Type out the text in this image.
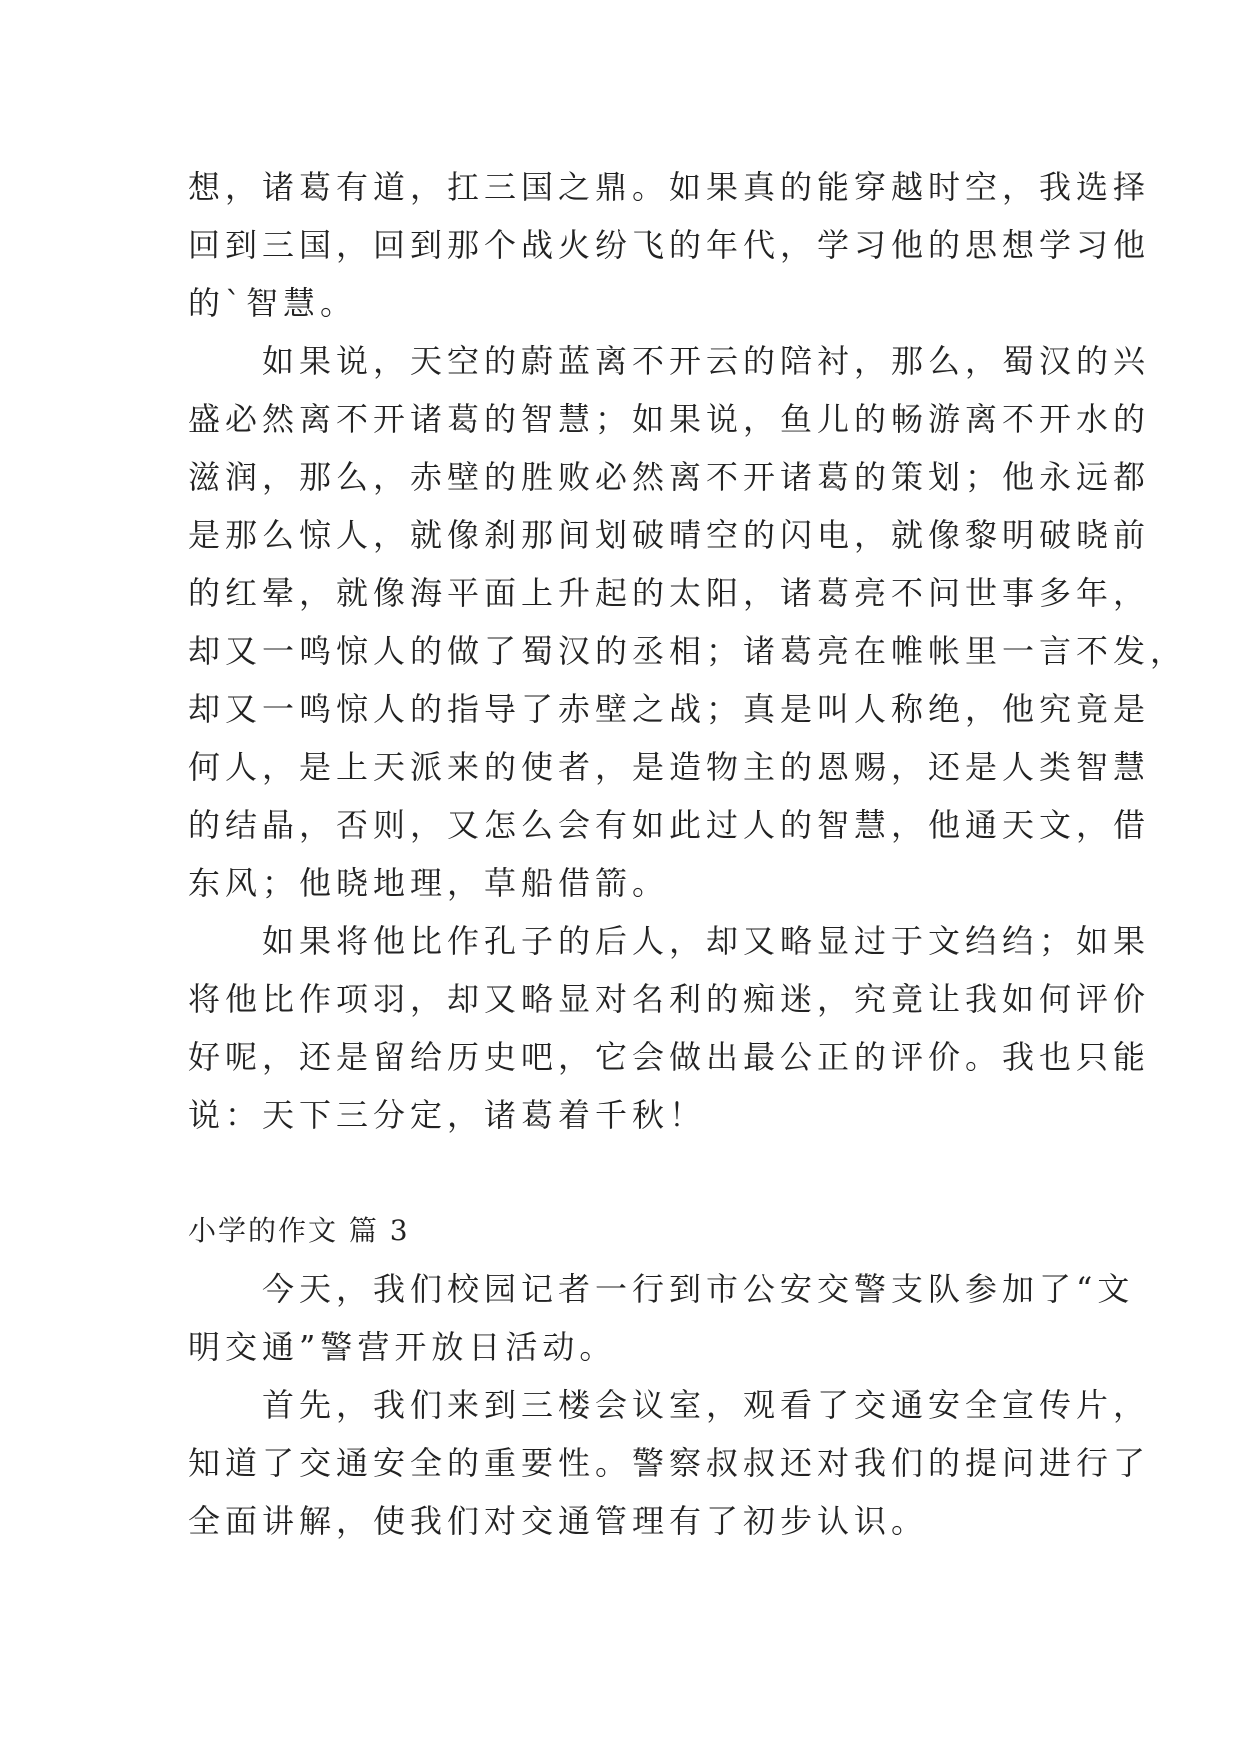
想，诸葛有道，扛三国之鼎。如果真的能穿越时空，我选择
回到三国，回到那个战火纷飞的年代，学习他的思想学习他
的`智慧。
　　如果说，天空的蔚蓝离不开云的陪衬，那么，蜀汉的兴
盛必然离不开诸葛的智慧；如果说，鱼儿的畅游离不开水的
滋润，那么，赤壁的胜败必然离不开诸葛的策划；他永远都
是那么惊人，就像刹那间划破晴空的闪电，就像黎明破晓前
的红晕，就像海平面上升起的太阳，诸葛亮不问世事多年，
却又一鸣惊人的做了蜀汉的丞相；诸葛亮在帷帐里一言不发，
却又一鸣惊人的指导了赤壁之战；真是叫人称绝，他究竟是
何人，是上天派来的使者，是造物主的恩赐，还是人类智慧
的结晶，否则，又怎么会有如此过人的智慧，他通天文，借
东风；他晓地理，草船借箭。
　　如果将他比作孔子的后人，却又略显过于文绉绉；如果
将他比作项羽，却又略显对名利的痴迷，究竟让我如何评价
好呢，还是留给历史吧，它会做出最公正的评价。我也只能
说：天下三分定，诸葛着千秋！
小学的作文 篇 3
　　今天，我们校园记者一行到市公安交警支队参加了“文
明交通”警营开放日活动。
　　首先，我们来到三楼会议室，观看了交通安全宣传片，
知道了交通安全的重要性。警察叔叔还对我们的提问进行了
全面讲解，使我们对交通管理有了初步认识。
